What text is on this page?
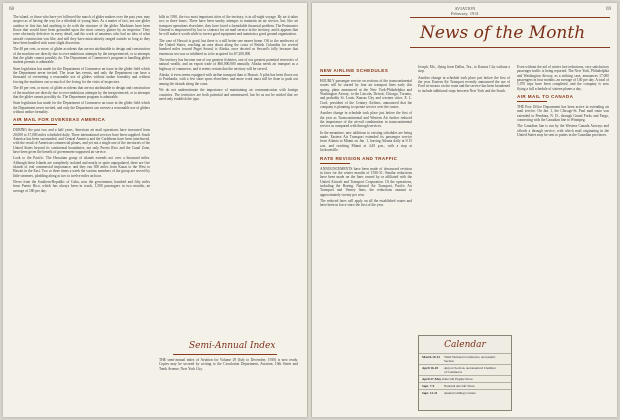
68

The island, or those who have yet followed the march of glider makers over the past year, may suspect as of having the way for a tiltedrial of young lines. As a matter of fact, not one glider outdoor in first has had anything to do with the structure of the glider. Machines have been flown that would have been grounded upon the most cursory glance by an inspector. They were obviously defective in every detail, and the work of amateurs who had no idea of what aircraft construction was like, and still they have miraculously ranged outside so long as they have been handled with some slight discretion.

The 40 per cent, or more, of glider accidents that are not attributable to design and construction of the machine are directly due to over-ambitious attempts by the inexperienced, or to attempts that the glider cannot possibly do. The Department of Commerce's program is handling glider student permits is admirable.

State legislation has made for the Department of Commerce an issue in the glider field which the Department never invited. The issue has events, and only the Department can have a thousand of overseeing a reasonable use of gliders without undue formality and without forcing the machines out so much of the loving for the visits of inspectors.

The 40 per cent, or more, of glider accidents that are not attributable to design and construction of the machine are directly due to over-ambitious attempts by the inexperienced, or to attempts that the glider cannot possibly do. The Department program is admirable.

State legislation has made for the Department of Commerce an issue in the glider field which the Department never invited, and only the Department can oversee a reasonable use of gliders without undue formality.

AIR MAIL FOR OVERSEAS AMERICA

DURING the past two and a half years, American air mail operations have increased from 20,000 to 37,000 miles scheduled daily. These international services have been supplied. South America has been surrounded, and Central America and the Caribbean have been interleaved, with the result of American commercial planes, and yet not a single one of the territories of the United States beyond its continental boundaries, not only Puerto Rico and the Canal Zone, have been given the benefit of government-supported air service.

Look to the Pacific. The Hawaiian group of islands extends not over a thousand miles. Although these Islands are completely isolated and nearly or quite unpopulated, there are five islands of real commercial importance, and they run 300 miles from Kauai to the West to Hawaii in the East. Two or three times a week the various members of the group are served by little steamers, plodding along at two to twelve miles an hour.

Never from the Southern-Republic of Cuba, now the government, hundred and fifty miles from Puerto Rico, which has always been in touch, 1,500 passengers in two months, an average of 180 per day.

bills in 1930, the two most important cities of the territory, is in all-night voyage. By air it takes two or three hours. There have been sundry attempts to maintain an air service, but, like air transport operations elsewhere, they have faced a formidable financial problem. The Postmaster General is empowered by law to contract for air mail service in the territory, and it appears that he will make it worth while to invest good equipment and maintain a good ground organization.

The case of Hawaii is good, but there is a still better one nearer home. Off to the northwest of the United States, reaching an area about along the coast of British Columbia for several hundred miles toward Puget Sound, is Alaska, once decried as Seward's folly because that enormous sea was so inhibited as to be acquired for $7,200,000.

The territory has become one of our greatest fisheries, one of our greatest potential reservoirs of natural wealth, and an export trade of $60,000,000 annually. Alaska needs air transport as a highway of commerce, and it seems certain that the territory will be served.

Alaska, it even seems equipped with airline transport than is Hawaii. A pilot has been flown out to Fairbanks, with a few short spurs elsewhere, and more work must still be done to push out among the islands along the coast.

We do not underestimate the importance of maintaining air communication with foreign countries. The territories are both potential and unmeasured, but let us not be misled that we need only establish the type.

Semi-Annual Index

THE semi-annual index of Aviation for Volume 29 (July to December, 1930) is now ready. Copies may be secured by writing to the Circulation Department, Aviation, 10th Street and Tenth Avenue, New York City.

AVIATION
February, 1931
69
News of the Month
NEW AIRLINE SCHEDULES

HOURLY passenger service on sections of the transcontinental routes will be started by four air transport lines early this spring, plans announced at the New York-Philadelphia and Washington Airway, to the Lincoln, Detroit, Chicago, Toronto, and probably St. Louis, Kansas City and western cities. E. L. Cord, president of the Century Airlines, announced that the company is planning to operate service over the routes.

Another change in schedule took place just before the first of the year as Transcontinental and Western Air further reduced the importance of the air-rail combination in transcontinental service as compared with through services.

In the meantime, new additions to existing schedules are being made. Eastern Air Transport extended its passenger service from Atlanta to Miami on Jan. 1, leaving Atlanta daily at 9:15 a.m. and reaching Miami at 4:45 p.m., with a stop at Jacksonville.

RATE REVISION AND TRAFFIC

ANNOUNCEMENTS have been made of downward revision in fares for the winter months of 1930-31. Similar reductions have been made on the lines owned by or affiliated with the United Aircraft and Transport Corporation. Of the operations, including the Boeing, National Air Transport, Pacific Air Transport and Varney lines, the reductions amount to approximately twenty per cent.

The reduced fares will apply on all the established routes and have been in force since the first of the year.

Joseph, Mo., flying from Dallas, Tex., to Kansas City without a stop.

Another change in schedule took place just before the first of the year. Eastern Air Transport recently announced the use of Ford tri-motors on the route and the service has been broadened to include additional stops between New York and the South.

Calendar
March 10-12	Third National Conference, Aeronautic Section
April 16-18	Airport Section, Aeronautical Chamber of Commerce
April 27-May 2 Aircraft Engine Show
Sept. 7-9	National Aircraft Show
Sept. 12-21	Annual Gliding Contest

Even without the aid of winter fare reductions, very satisfactory passenger traffic is being reported. The New York, Philadelphia and Washington Airway, as a striking case, announces 17,000 passengers in four months, an average of 140 per day. A total of 1,070 trips have been completed, and the company is now flying a full schedule of sixteen planes a day.

AIR MAIL TO CANADA

THE Post Office Department has been active in extending air mail service. On Jan. 1, the Chicago-St. Paul mail route was extended to Pembina, N. D., through Grand Forks and Fargo, connecting with the Canadian line to Winnipeg.

The Canadian line is run by the Western Canada Airways and affords a through service, with which mail originating in the United States may be sent to points in the Canadian provinces.
